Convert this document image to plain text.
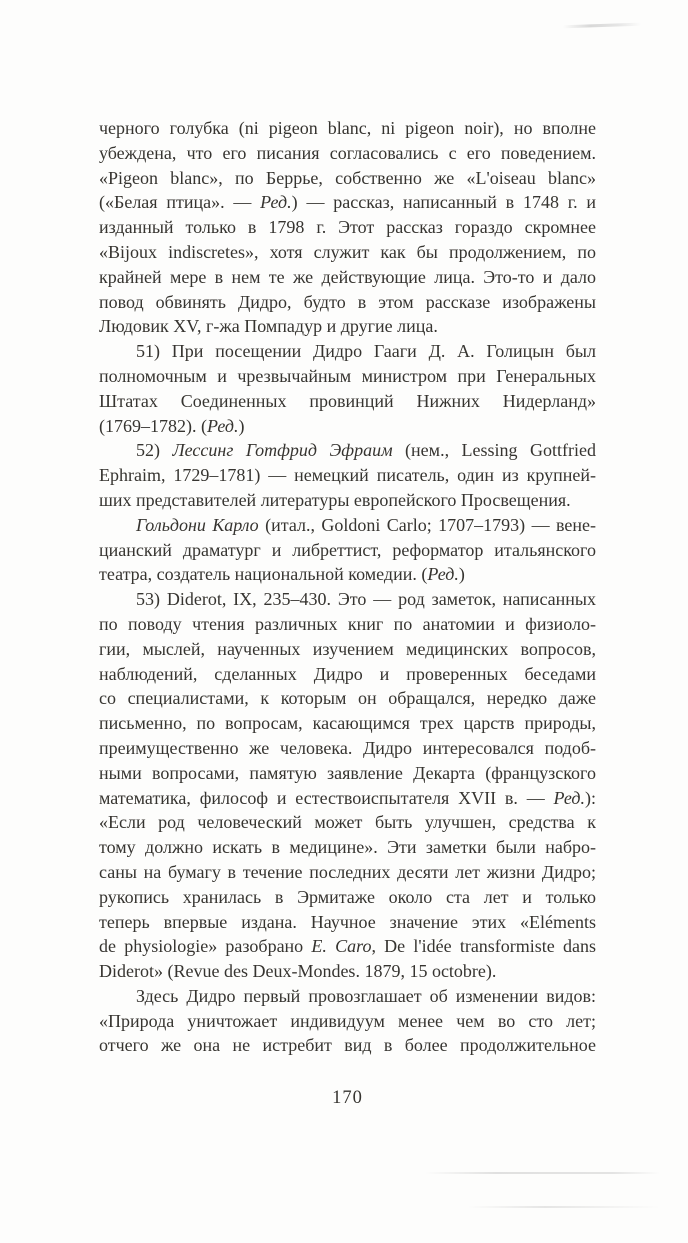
черного голубка (ni pigeon blanc, ni pigeon noir), но вполне
убеждена, что его писания согласовались с его поведением.
«Pigeon blanc», по Беррье, собственно же «L'oiseau blanc»
(«Белая птица». — Ред.) — рассказ, написанный в 1748 г. и
изданный только в 1798 г. Этот рассказ гораздо скромнее
«Bijoux indiscretes», хотя служит как бы продолжением, по
крайней мере в нем те же действующие лица. Это-то и дало
повод обвинять Дидро, будто в этом рассказе изображены
Людовик XV, г-жа Помпадур и другие лица.
51) При посещении Дидро Гааги Д. А. Голицын был
полномочным и чрезвычайным министром при Генеральных
Штатах Соединенных провинций Нижних Нидерланд»
(1769–1782). (Ред.)
52) Лессинг Готфрид Эфраим (нем., Lessing Gottfried
Ephraim, 1729–1781) — немецкий писатель, один из крупней-
ших представителей литературы европейского Просвещения.
Гольдони Карло (итал., Goldoni Carlo; 1707–1793) — вене-
цианский драматург и либреттист, реформатор итальянского
театра, создатель национальной комедии. (Ред.)
53) Diderot, IX, 235–430. Это — род заметок, написанных
по поводу чтения различных книг по анатомии и физиоло-
гии, мыслей, наученных изучением медицинских вопросов,
наблюдений, сделанных Дидро и проверенных беседами
со специалистами, к которым он обращался, нередко даже
письменно, по вопросам, касающимся трех царств природы,
преимущественно же человека. Дидро интересовался подоб-
ными вопросами, памятую заявление Декарта (французского
математика, философ и естествоиспытателя XVII в. — Ред.):
«Если род человеческий может быть улучшен, средства к
тому должно искать в медицине». Эти заметки были набро-
саны на бумагу в течение последних десяти лет жизни Дидро;
рукопись хранилась в Эрмитаже около ста лет и только
теперь впервые издана. Научное значение этих «Eléments
de physiologie» разобрано E. Caro, De l'idée transformiste dans
Diderot» (Revue des Deux-Mondes. 1879, 15 octobre).
Здесь Дидро первый провозглашает об изменении видов:
«Природа уничтожает индивидуум менее чем во сто лет;
отчего же она не истребит вид в более продолжительное
170
